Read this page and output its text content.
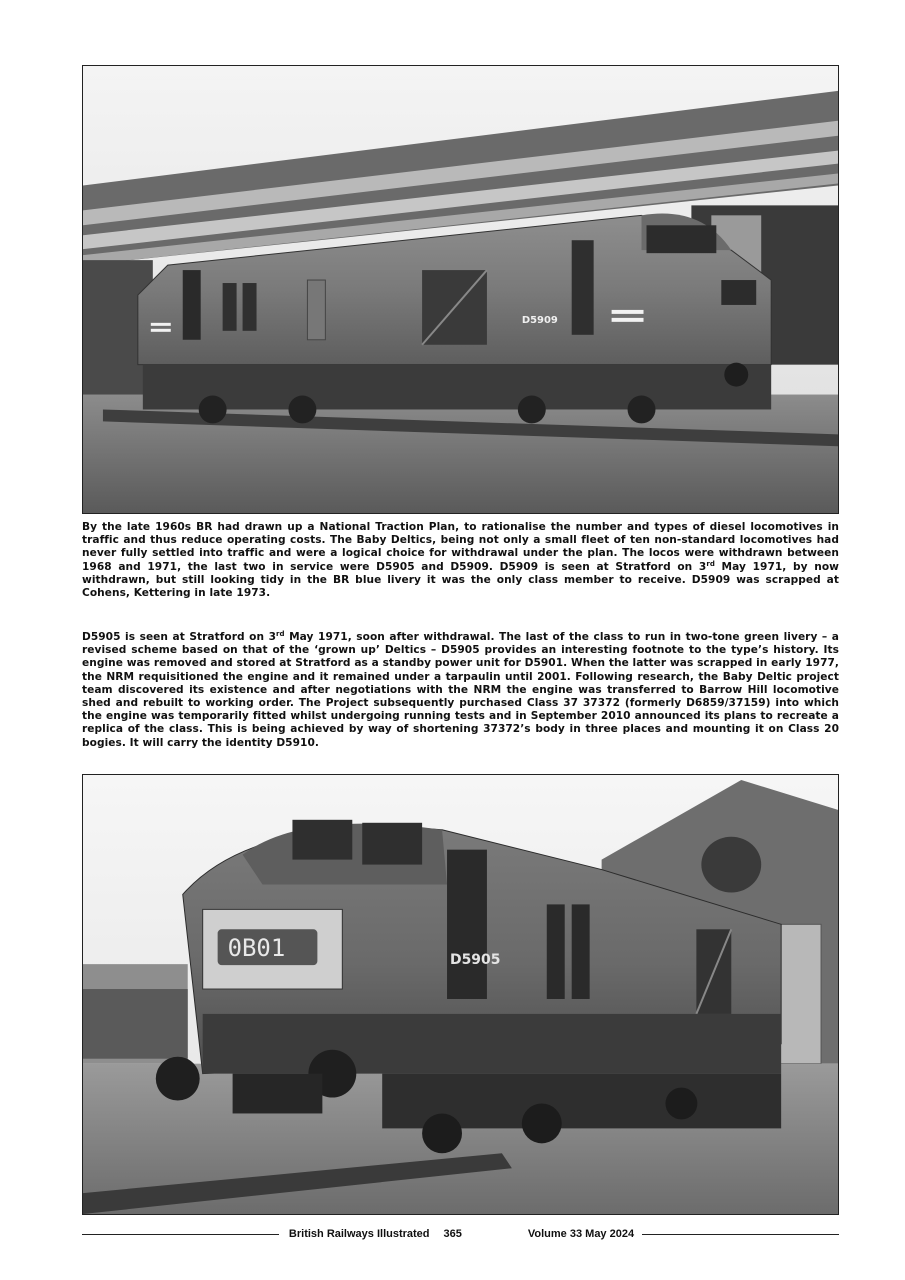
D5909

By the late 1960s BR had drawn up a National Traction Plan, to rationalise the number and types of diesel locomotives in traffic and thus reduce operating costs. The Baby Deltics, being not only a small fleet of ten non-standard locomotives had never fully settled into traffic and were a logical choice for withdrawal under the plan. The locos were withdrawn between 1968 and 1971, the last two in service were D5905 and D5909. D5909 is seen at Stratford on 3rd May 1971, by now withdrawn, but still looking tidy in the BR blue livery it was the only class member to receive. D5909 was scrapped at Cohens, Kettering in late 1973.

D5905 is seen at Stratford on 3rd May 1971, soon after withdrawal. The last of the class to run in two-tone green livery – a revised scheme based on that of the ‘grown up’ Deltics – D5905 provides an interesting footnote to the type’s history. Its engine was removed and stored at Stratford as a standby power unit for D5901. When the latter was scrapped in early 1977, the NRM requisitioned the engine and it remained under a tarpaulin until 2001. Following research, the Baby Deltic project team discovered its existence and after negotiations with the NRM the engine was transferred to Barrow Hill locomotive shed and rebuilt to working order. The Project subsequently purchased Class 37 37372 (formerly D6859/37159) into which the engine was temporarily fitted whilst undergoing running tests and in September 2010 announced its plans to recreate a replica of the class. This is being achieved by way of shortening 37372’s body in three places and mounting it on Class 20 bogies. It will carry the identity D5910.

0B01	D5905
British Railways Illustrated 365	Volume 33 May 2024
